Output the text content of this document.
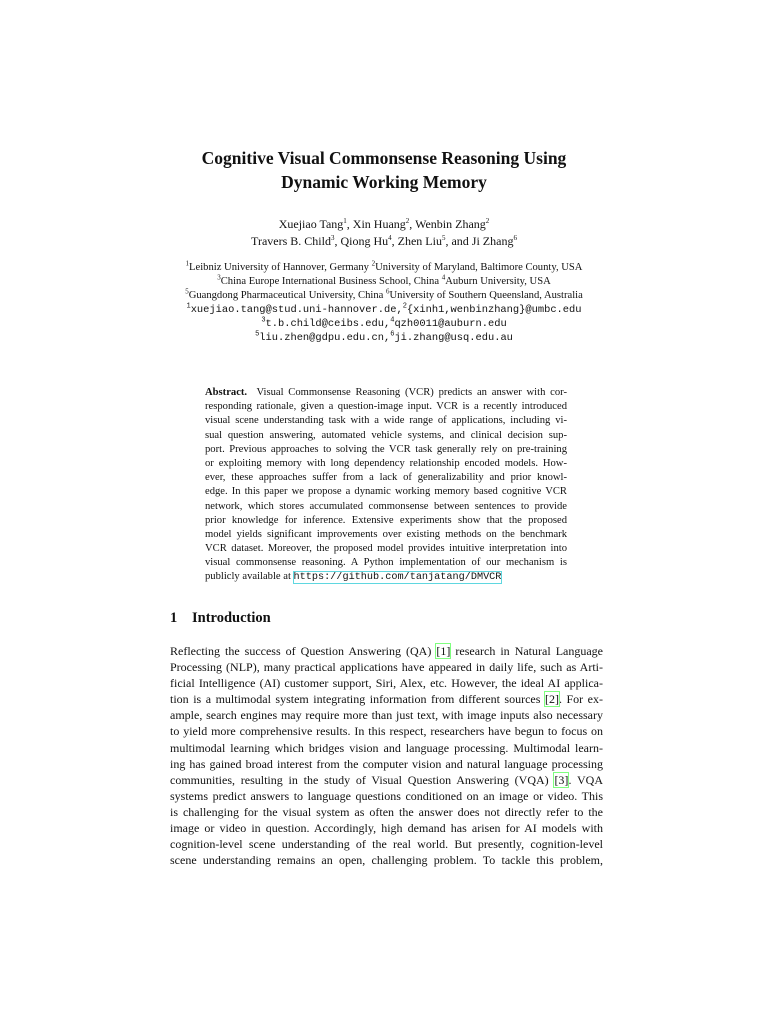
Cognitive Visual Commonsense Reasoning Using
Dynamic Working Memory
Xuejiao Tang$^1$, Xin Huang$^2$, Wenbin Zhang$^2$
Travers B. Child$^3$, Qiong Hu$^4$, Zhen Liu$^5$, and Ji Zhang$^6$
$^1$Leibniz University of Hannover, Germany $^2$University of Maryland, Baltimore County, USA
$^3$China Europe International Business School, China $^4$Auburn University, USA
$^5$Guangdong Pharmaceutical University, China $^6$University of Southern Queensland, Australia
$^1$xuejiao.tang@stud.uni-hannover.de,$^2${xinh1,wenbinzhang}@umbc.edu
$^3$t.b.child@ceibs.edu,$^4$qzh0011@auburn.edu
$^5$liu.zhen@gdpu.edu.cn,$^6$ji.zhang@usq.edu.au
Abstract. Visual Commonsense Reasoning (VCR) predicts an answer with cor-
responding rationale, given a question-image input. VCR is a recently introduced
visual scene understanding task with a wide range of applications, including vi-
sual question answering, automated vehicle systems, and clinical decision sup-
port. Previous approaches to solving the VCR task generally rely on pre-training
or exploiting memory with long dependency relationship encoded models. How-
ever, these approaches suffer from a lack of generalizability and prior knowl-
edge. In this paper we propose a dynamic working memory based cognitive VCR
network, which stores accumulated commonsense between sentences to provide
prior knowledge for inference. Extensive experiments show that the proposed
model yields significant improvements over existing methods on the benchmark
VCR dataset. Moreover, the proposed model provides intuitive interpretation into
visual commonsense reasoning. A Python implementation of our mechanism is
publicly available at https://github.com/tanjatang/DMVCR
1 Introduction
Reflecting the success of Question Answering (QA) [1] research in Natural Language
Processing (NLP), many practical applications have appeared in daily life, such as Arti-
ficial Intelligence (AI) customer support, Siri, Alex, etc. However, the ideal AI applica-
tion is a multimodal system integrating information from different sources [2]. For ex-
ample, search engines may require more than just text, with image inputs also necessary
to yield more comprehensive results. In this respect, researchers have begun to focus on
multimodal learning which bridges vision and language processing. Multimodal learn-
ing has gained broad interest from the computer vision and natural language processing
communities, resulting in the study of Visual Question Answering (VQA) [3]. VQA
systems predict answers to language questions conditioned on an image or video. This
is challenging for the visual system as often the answer does not directly refer to the
image or video in question. Accordingly, high demand has arisen for AI models with
cognition-level scene understanding of the real world. But presently, cognition-level
scene understanding remains an open, challenging problem. To tackle this problem,
